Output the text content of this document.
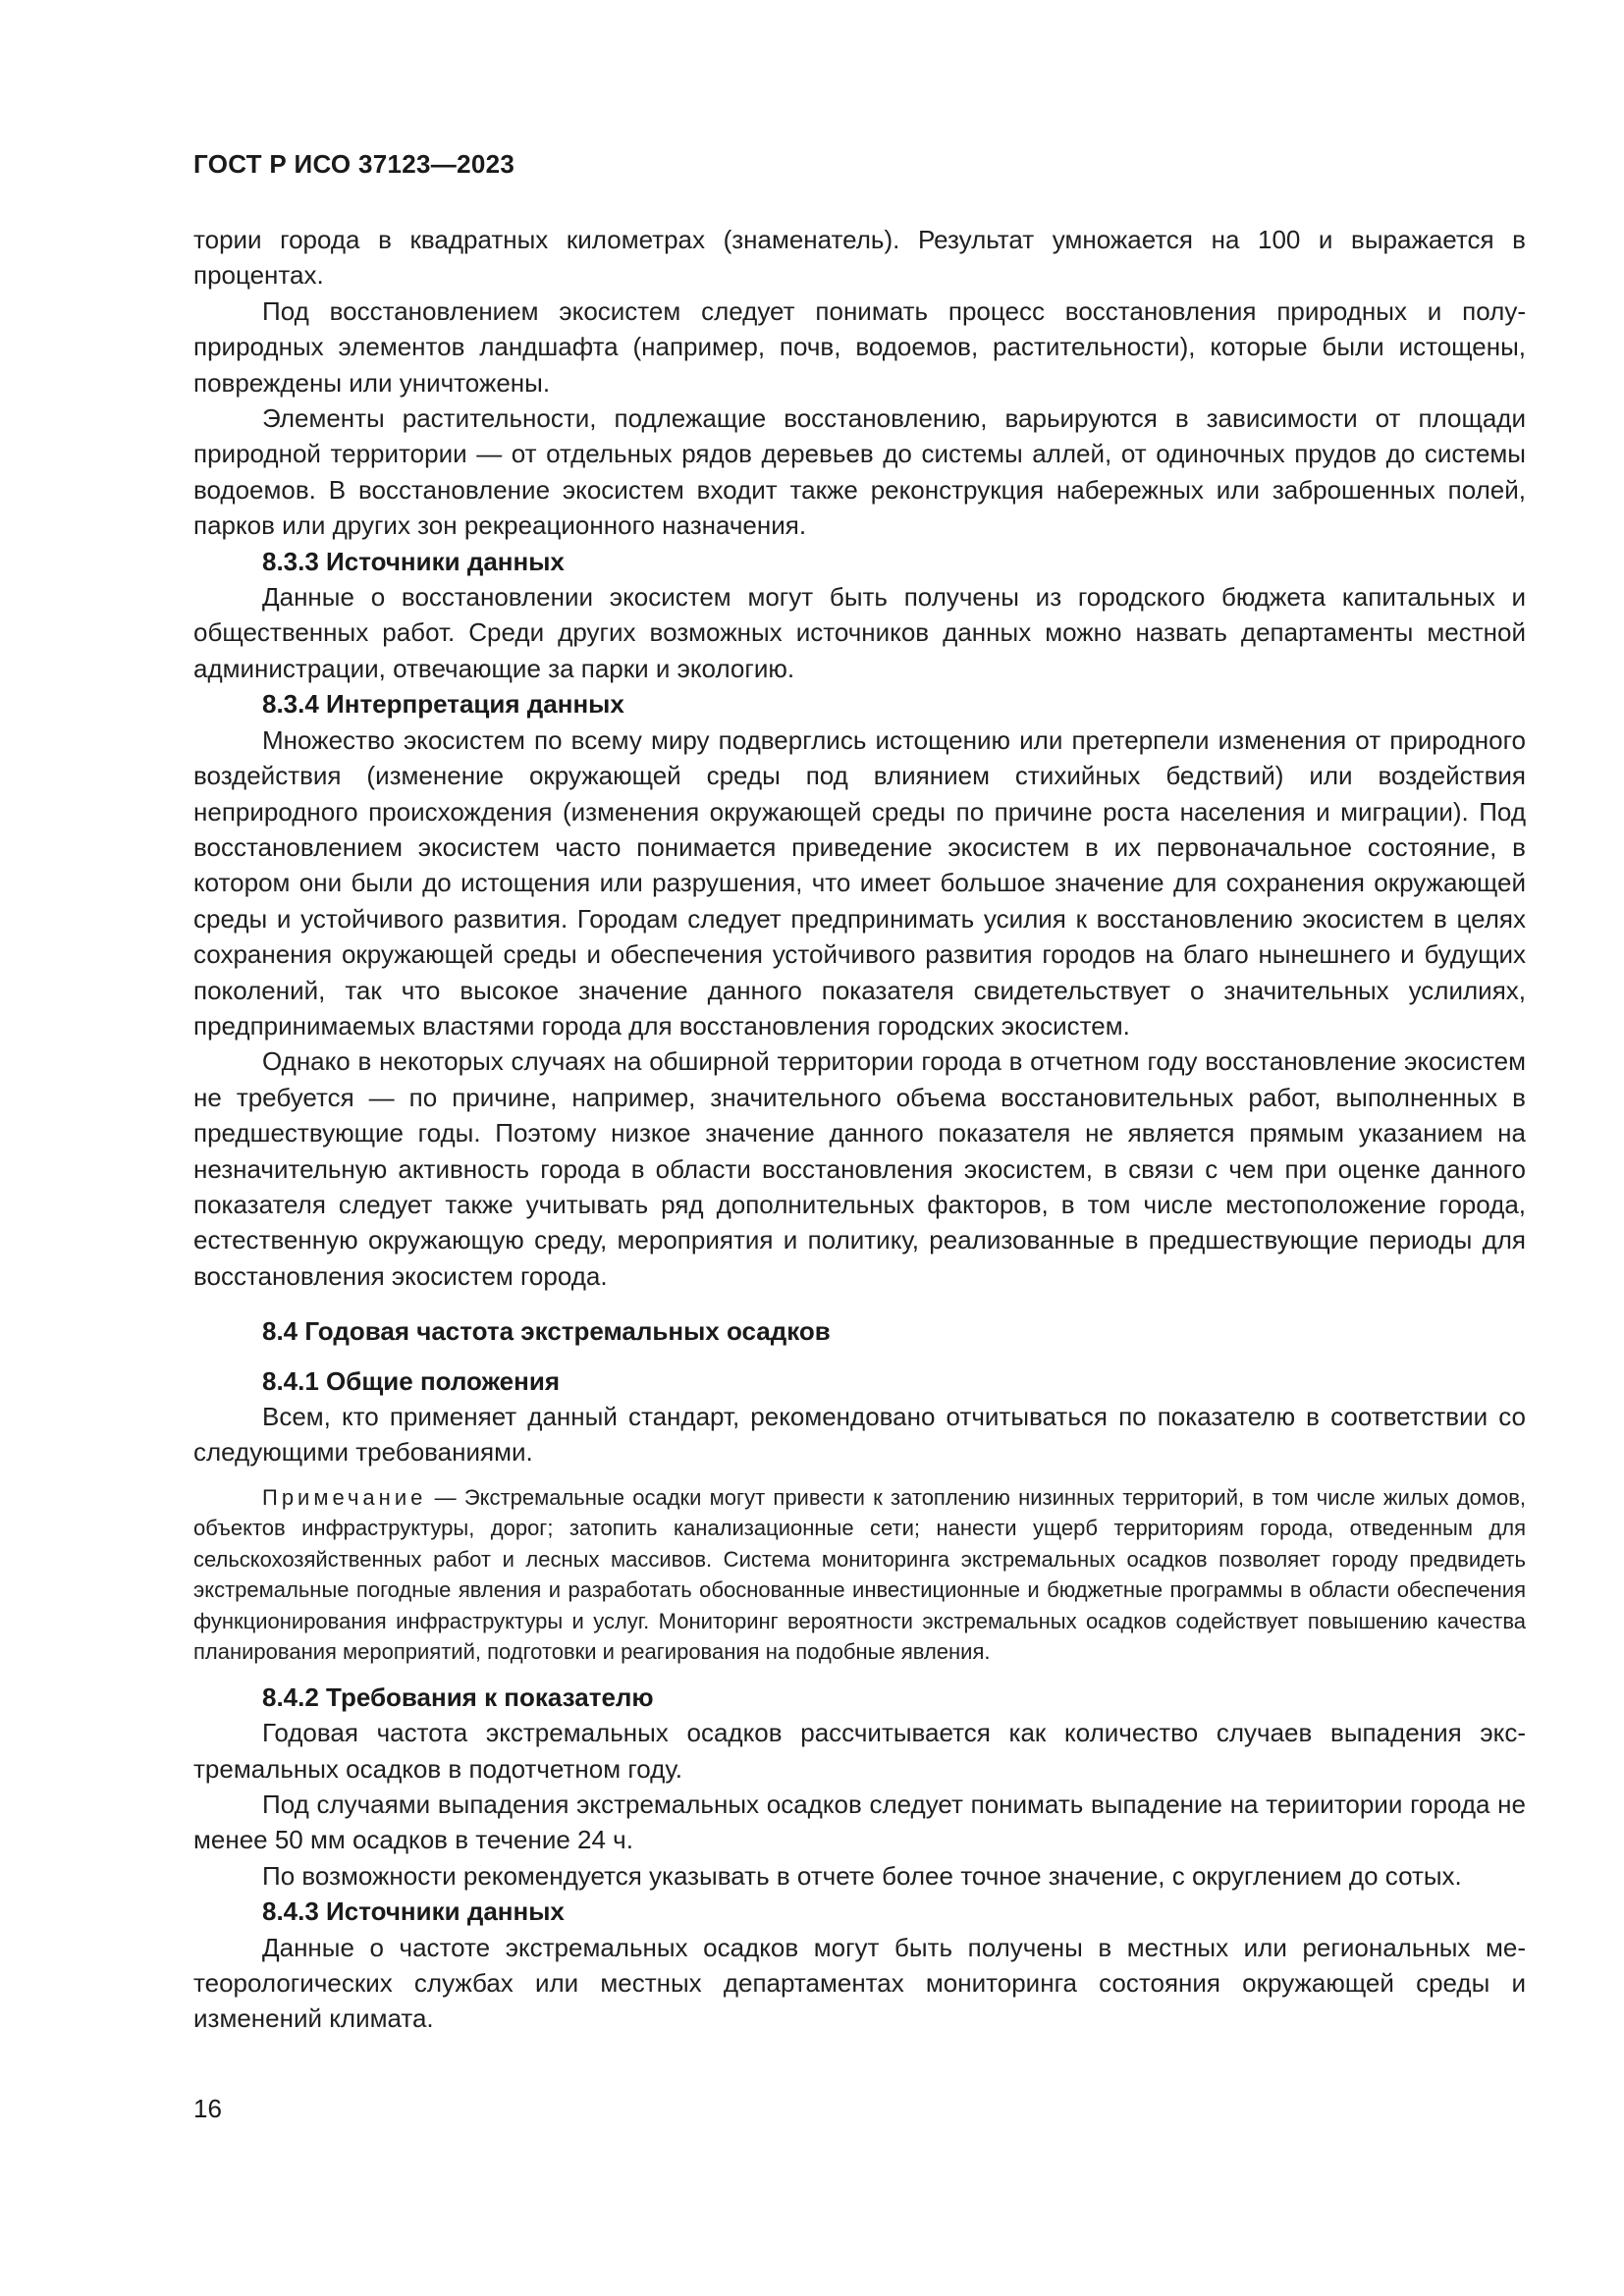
ГОСТ Р ИСО 37123—2023

тории города в квадратных километрах (знаменатель). Результат умножается на 100 и выражается в процентах.

Под восстановлением экосистем следует понимать процесс восстановления природных и полуприродных элементов ландшафта (например, почв, водоемов, растительности), которые были истощены, повреждены или уничтожены.

Элементы растительности, подлежащие восстановлению, варьируются в зависимости от площади природной территории — от отдельных рядов деревьев до системы аллей, от одиночных прудов до системы водоемов. В восстановление экосистем входит также реконструкция набережных или заброшенных полей, парков или других зон рекреационного назначения.

8.3.3 Источники данных

Данные о восстановлении экосистем могут быть получены из городского бюджета капитальных и общественных работ. Среди других возможных источников данных можно назвать департаменты местной администрации, отвечающие за парки и экологию.

8.3.4 Интерпретация данных

Множество экосистем по всему миру подверглись истощению или претерпели изменения от природного воздействия (изменение окружающей среды под влиянием стихийных бедствий) или воздействия неприродного происхождения (изменения окружающей среды по причине роста населения и миграции). Под восстановлением экосистем часто понимается приведение экосистем в их первоначальное состояние, в котором они были до истощения или разрушения, что имеет большое значение для сохранения окружающей среды и устойчивого развития. Городам следует предпринимать усилия к восстановлению экосистем в целях сохранения окружающей среды и обеспечения устойчивого развития городов на благо нынешнего и будущих поколений, так что высокое значение данного показателя свидетельствует о значительных услилиях, предпринимаемых властями города для восстановления городских экосистем.

Однако в некоторых случаях на обширной территории города в отчетном году восстановление экосистем не требуется — по причине, например, значительного объема восстановительных работ, выполненных в предшествующие годы. Поэтому низкое значение данного показателя не является прямым указанием на незначительную активность города в области восстановления экосистем, в связи с чем при оценке данного показателя следует также учитывать ряд дополнительных факторов, в том числе местоположение города, естественную окружающую среду, мероприятия и политику, реализованные в предшествующие периоды для восстановления экосистем города.

8.4 Годовая частота экстремальных осадков
8.4.1 Общие положения

Всем, кто применяет данный стандарт, рекомендовано отчитываться по показателю в соответствии со следующими требованиями.

Примечание — Экстремальные осадки могут привести к затоплению низинных территорий, в том числе жилых домов, объектов инфраструктуры, дорог; затопить канализационные сети; нанести ущерб территориям города, отведенным для сельскохозяйственных работ и лесных массивов. Система мониторинга экстремальных осадков позволяет городу предвидеть экстремальные погодные явления и разработать обоснованные инвестиционные и бюджетные программы в области обеспечения функционирования инфраструктуры и услуг. Мониторинг вероятности экстремальных осадков содействует повышению качества планирования мероприятий, подготовки и реагирования на подобные явления.
8.4.2 Требования к показателю

Годовая частота экстремальных осадков рассчитывается как количество случаев выпадения экстремальных осадков в подотчетном году.

Под случаями выпадения экстремальных осадков следует понимать выпадение на териитории города не менее 50 мм осадков в течение 24 ч.

По возможности рекомендуется указывать в отчете более точное значение, с округлением до сотых.

8.4.3 Источники данных

Данные о частоте экстремальных осадков могут быть получены в местных или региональных метеорологических службах или местных департаментах мониторинга состояния окружающей среды и изменений климата.

16
